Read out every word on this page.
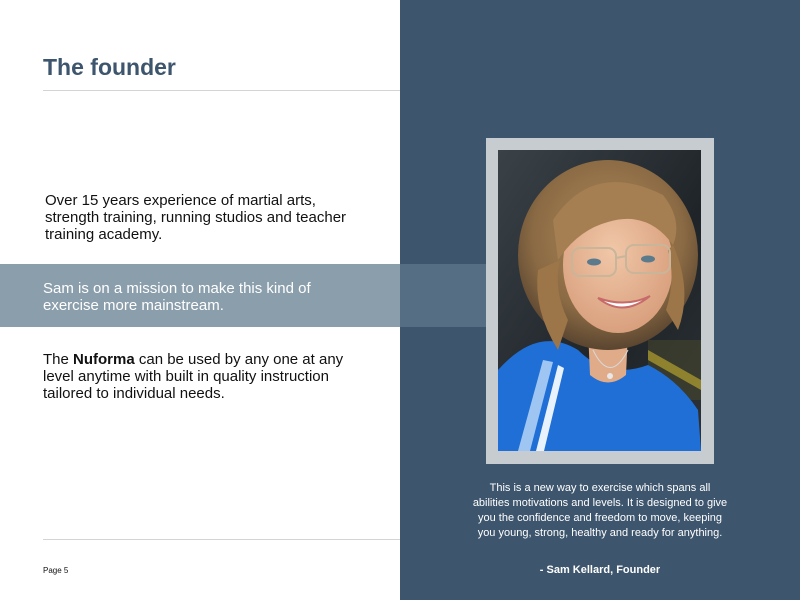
The founder
Over 15 years experience of martial arts, strength training, running studios and teacher training academy.
Sam is on a mission to make this kind of exercise more mainstream.
The Nuforma can be used by any one at any level anytime with built in quality instruction tailored to individual needs.
Page 5
This is a new way to exercise which spans all abilities motivations and levels. It is designed to give you the confidence and freedom to move, keeping you young, strong, healthy and ready for anything.
- Sam Kellard, Founder
